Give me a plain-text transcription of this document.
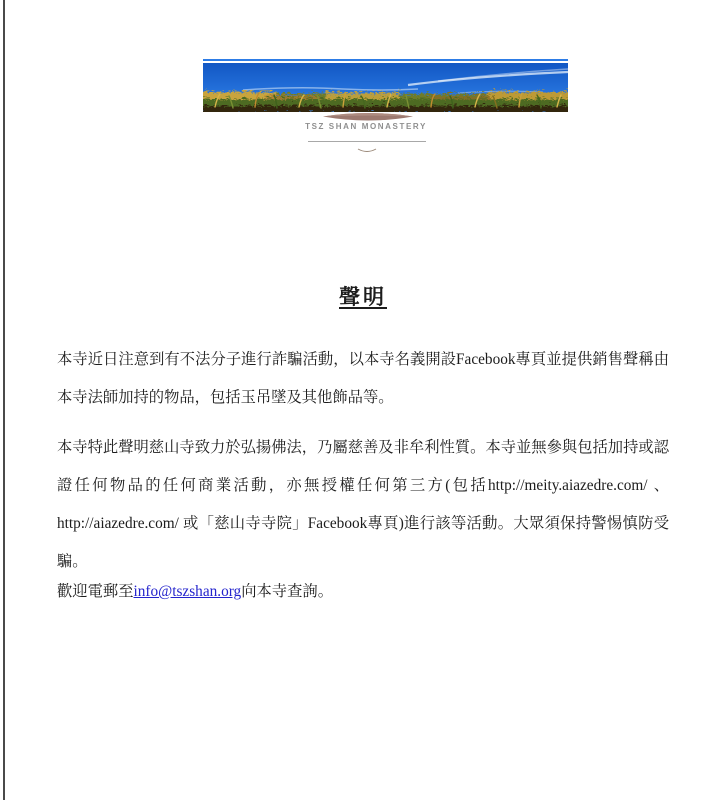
TSZ SHAN MONASTERY
聲明

本寺近日注意到有不法分子進行詐騙活動，以本寺名義開設Facebook專頁並提供銷售聲稱由本寺法師加持的物品，包括玉吊墜及其他飾品等。

本寺特此聲明慈山寺致力於弘揚佛法，乃屬慈善及非牟利性質。本寺並無參與包括加持或認證任何物品的任何商業活動，亦無授權任何第三方(包括http://meity.aiazedre.com/ 、http://aiazedre.com/ 或「慈山寺寺院」Facebook專頁)進行該等活動。大眾須保持警惕慎防受騙。

歡迎電郵至info@tszshan.org向本寺查詢。
